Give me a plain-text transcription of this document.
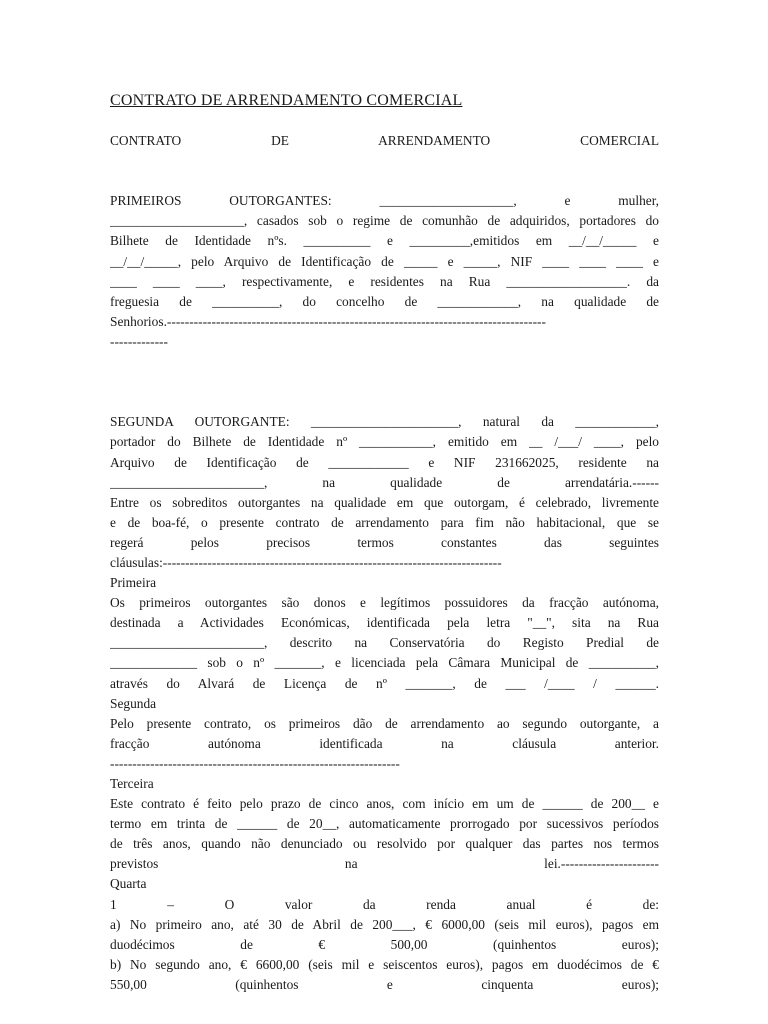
CONTRATO DE ARRENDAMENTO COMERCIAL
CONTRATO DE ARRENDAMENTO COMERCIAL
PRIMEIROS OUTORGANTES: ____________________, e mulher,
____________________, casados sob o regime de comunhão de adquiridos, portadores do
Bilhete de Identidade nºs. __________ e _________,emitidos em __/__/_____ e
__/__/_____, pelo Arquivo de Identificação de _____ e _____, NIF ____ ____ ____ e
____ ____ ____, respectivamente, e residentes na Rua __________________. da
freguesia de __________, do concelho de ____________, na qualidade de
Senhorios.-------------------------------------------------------------------------------------
-------------
SEGUNDA OUTORGANTE: ______________________, natural da ____________,
portador do Bilhete de Identidade nº ___________, emitido em __ /___/ ____, pelo
Arquivo de Identificação de ____________ e NIF 231662025, residente na
_______________________, na qualidade de arrendatária.------
Entre os sobreditos outorgantes na qualidade em que outorgam, é celebrado, livremente
e de boa-fé, o presente contrato de arrendamento para fim não habitacional, que se
regerá pelos precisos termos constantes das seguintes
cláusulas:----------------------------------------------------------------------------
Primeira
Os primeiros outorgantes são donos e legítimos possuidores da fracção autónoma,
destinada a Actividades Económicas, identificada pela letra "__", sita na Rua
_______________________, descrito na Conservatória do Registo Predial de
_____________ sob o nº _______, e licenciada pela Câmara Municipal de __________,
através do Alvará de Licença de nº _______, de ___ /____ / ______.
Segunda
Pelo presente contrato, os primeiros dão de arrendamento ao segundo outorgante, a
fracção autónoma identificada na cláusula anterior.
-----------------------------------------------------------------
Terceira
Este contrato é feito pelo prazo de cinco anos, com início em um de ______ de 200__ e
termo em trinta de ______ de 20__, automaticamente prorrogado por sucessivos períodos
de três anos, quando não denunciado ou resolvido por qualquer das partes nos termos
previstos na lei.----------------------
Quarta
1 – O valor da renda anual é de:
a) No primeiro ano, até 30 de Abril de 200___, € 6000,00 (seis mil euros), pagos em
duodécimos de € 500,00 (quinhentos euros);
b) No segundo ano, € 6600,00 (seis mil e seiscentos euros), pagos em duodécimos de €
550,00 (quinhentos e cinquenta euros);
